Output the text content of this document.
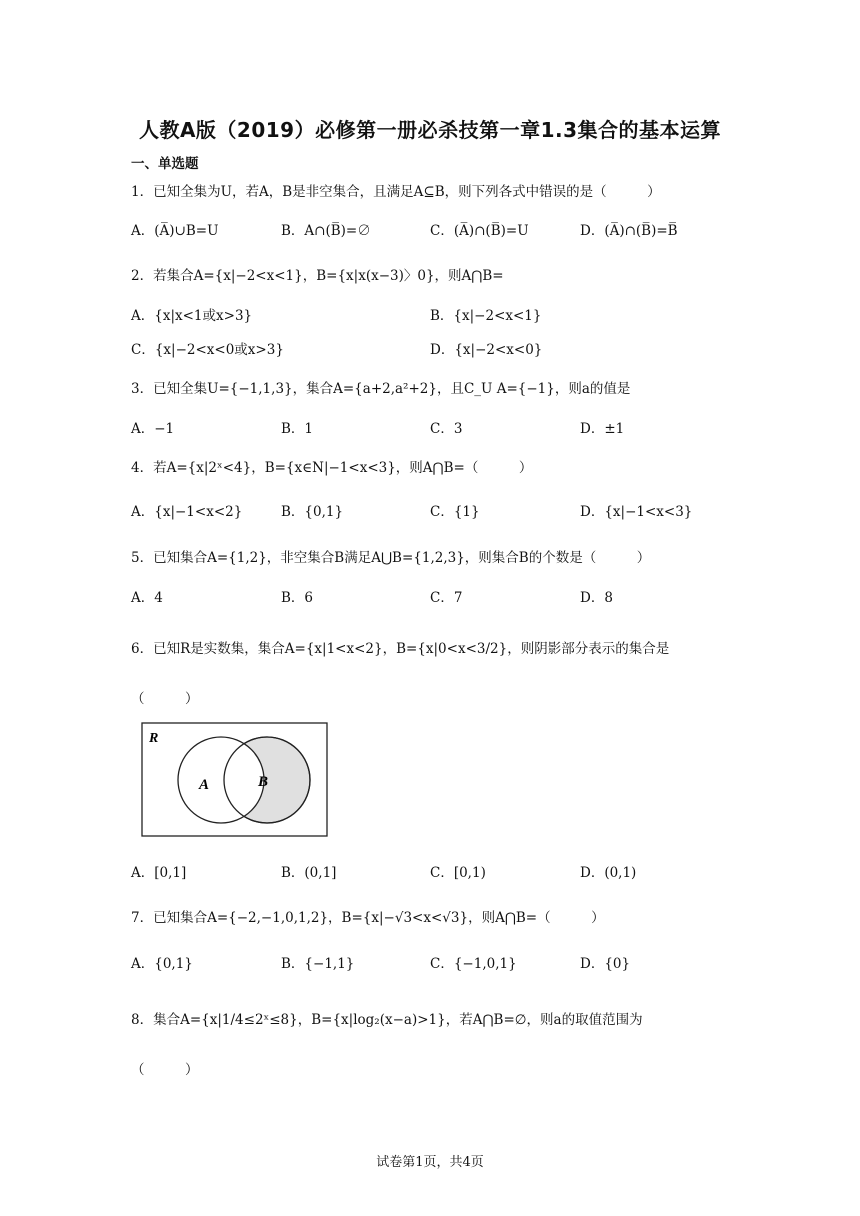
人教A版（2019）必修第一册必杀技第一章1.3集合的基本运算
一、单选题
1．已知全集为U，若A，B是非空集合，且满足A⊆B，则下列各式中错误的是（　　　）
A．(A̅)∪B=U	B．A∩(B̅)=∅	C．(A̅)∩(B̅)=U	D．(A̅)∩(B̅)=B̅
2．若集合A={x|−2<x<1}，B={x|x(x−3)〉0}，则A⋂B=
A．{x|x<1或x>3}	B．{x|−2<x<1}
C．{x|−2<x<0或x>3}	D．{x|−2<x<0}
3．已知全集U={−1,1,3}，集合A={a+2,a²+2}，且C_U A={−1}，则a的值是
A．−1	B．1	C．3	D．±1
4．若A={x|2ˣ<4}，B={x∈N|−1<x<3}，则A⋂B=（　　　）
A．{x|−1<x<2}	B．{0,1}	C．{1}	D．{x|−1<x<3}
5．已知集合A={1,2}，非空集合B满足A⋃B={1,2,3}，则集合B的个数是（　　　）
A．4	B．6	C．7	D．8
6．已知R是实数集，集合A={x|1<x<2}，B={x|0<x<3/2}，则阴影部分表示的集合是
（　　　）
R
A	B
A．[0,1]	B．(0,1]	C．[0,1)	D．(0,1)
7．已知集合A={−2,−1,0,1,2}，B={x|−√3<x<√3}，则A⋂B=（　　　）
A．{0,1}	B．{−1,1}	C．{−1,0,1}	D．{0}
8．集合A={x|1/4≤2ˣ≤8}，B={x|log₂(x−a)>1}，若A⋂B=∅，则a的取值范围为
（　　　）
试卷第1页，共4页
